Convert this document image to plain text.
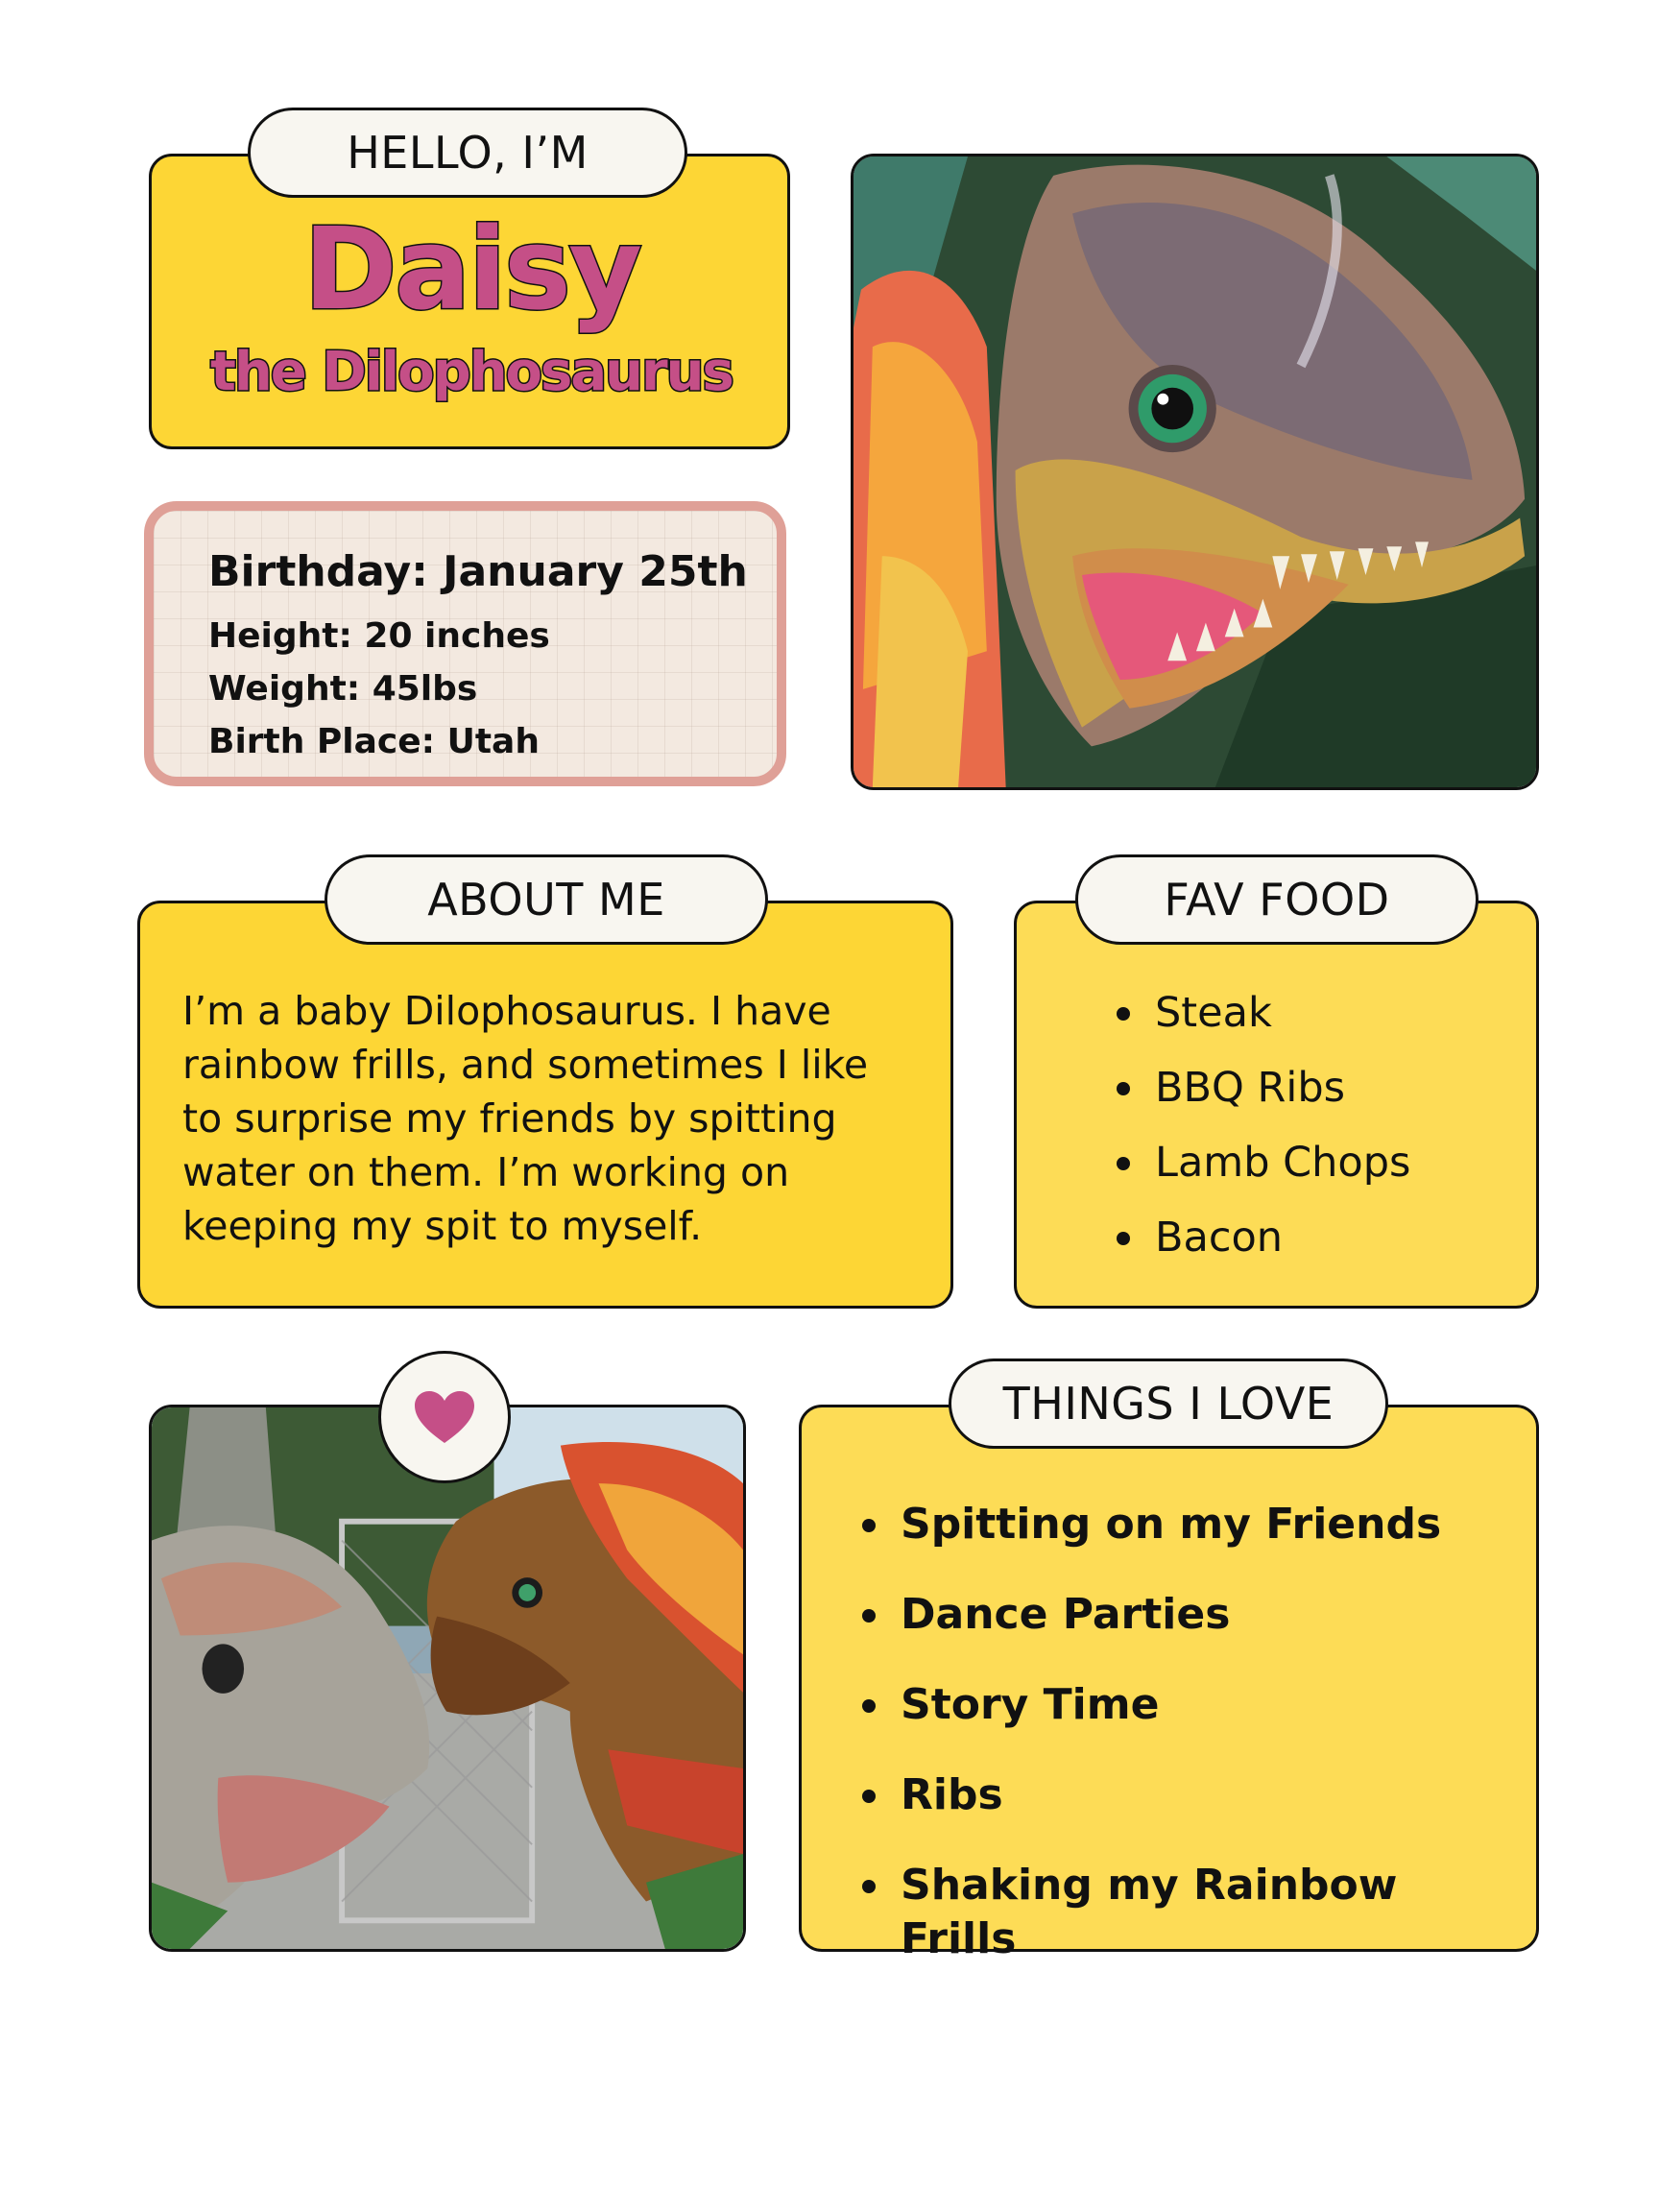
HELLO, I’M
Daisy
the Dilophosaurus
Birthday: January 25th
Height: 20 inches
Weight: 45lbs
Birth Place: Utah
ABOUT ME
I’m a baby Dilophosaurus. I have
rainbow frills, and sometimes I like
to surprise my friends by spitting
water on them. I’m working on
keeping my spit to myself.
FAV FOOD
Steak
BBQ Ribs
Lamb Chops
Bacon
THINGS I LOVE
Spitting on my Friends
Dance Parties
Story Time
Ribs
Shaking my Rainbow Frills
